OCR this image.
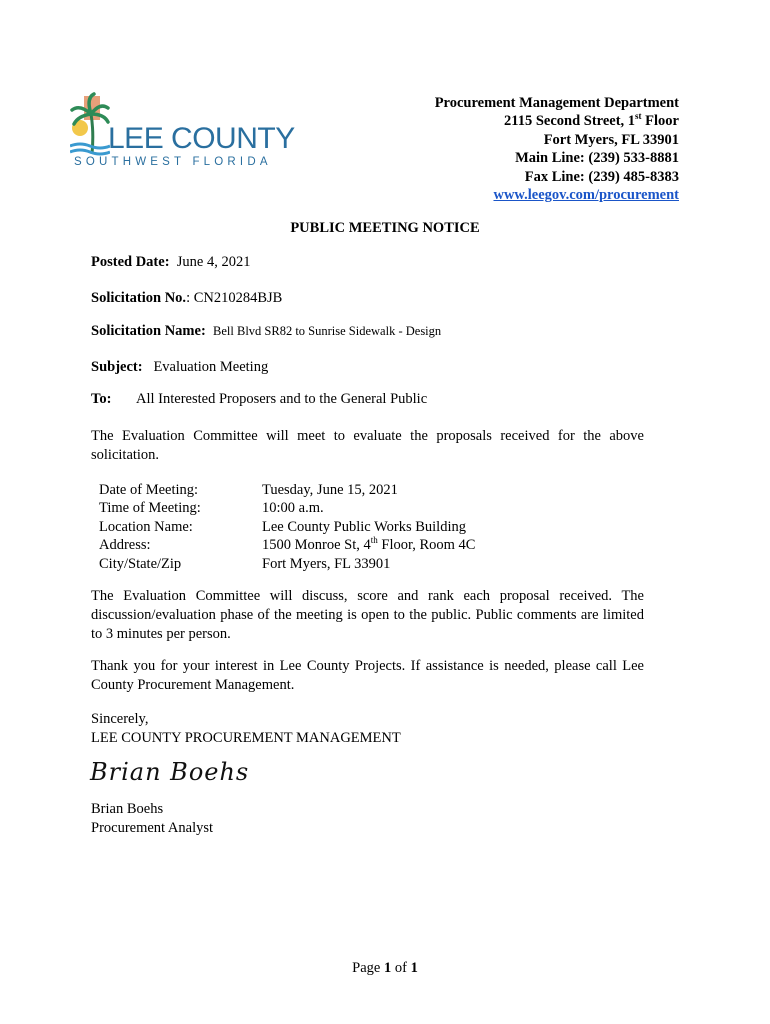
LEE COUNTY
SOUTHWEST FLORIDA
Procurement Management Department
2115 Second Street, 1st Floor
Fort Myers, FL 33901
Main Line: (239) 533-8881
Fax Line: (239) 485-8383
www.leegov.com/procurement
PUBLIC MEETING NOTICE
Posted Date: June 4, 2021
Solicitation No.: CN210284BJB
Solicitation Name: Bell Blvd SR82 to Sunrise Sidewalk - Design
Subject: Evaluation Meeting
To: All Interested Proposers and to the General Public
The Evaluation Committee will meet to evaluate the proposals received for the above solicitation.
Date of Meeting:	Tuesday, June 15, 2021
Time of Meeting:	10:00 a.m.
Location Name:	Lee County Public Works Building
Address:	1500 Monroe St, 4th Floor, Room 4C
City/State/Zip	Fort Myers, FL 33901
The Evaluation Committee will discuss, score and rank each proposal received. The discussion/evaluation phase of the meeting is open to the public. Public comments are limited to 3 minutes per person.
Thank you for your interest in Lee County Projects. If assistance is needed, please call Lee County Procurement Management.
Sincerely,
LEE COUNTY PROCUREMENT MANAGEMENT
Brian Boehs
Brian Boehs
Procurement Analyst
Page 1 of 1
